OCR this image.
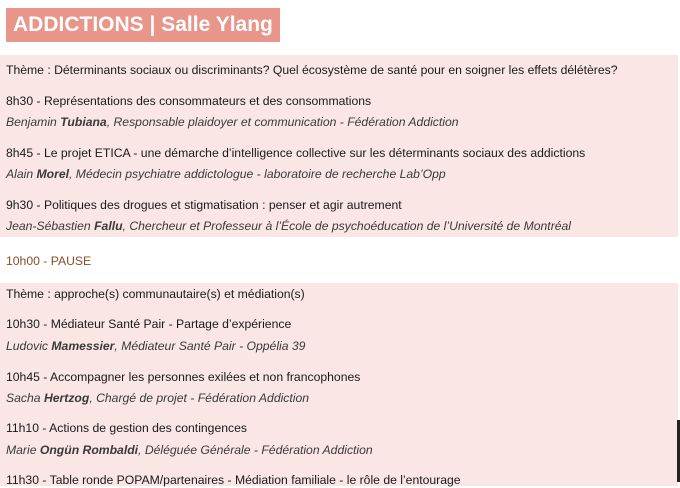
ADDICTIONS | Salle Ylang
Thème : Déterminants sociaux ou discriminants? Quel écosystème de santé pour en soigner les effets délétères?
8h30 - Représentations des consommateurs et des consommations
Benjamin Tubiana, Responsable plaidoyer et communication - Fédération Addiction
8h45 - Le projet ETICA - une démarche d’intelligence collective sur les déterminants sociaux des addictions
Alain Morel, Médecin psychiatre addictologue - laboratoire de recherche Lab’Opp
9h30 - Politiques des drogues et stigmatisation : penser et agir autrement
Jean-Sébastien Fallu, Chercheur et Professeur à l’École de psychoéducation de l’Université de Montréal
10h00 - PAUSE
Thème : approche(s) communautaire(s) et médiation(s)
10h30 - Médiateur Santé Pair - Partage d’expérience
Ludovic Mamessier, Médiateur Santé Pair - Oppélia 39
10h45 - Accompagner les personnes exilées et non francophones
Sacha Hertzog, Chargé de projet - Fédération Addiction
11h10 - Actions de gestion des contingences
Marie Ongün Rombaldi, Déléguée Générale - Fédération Addiction
11h30 - Table ronde POPAM/partenaires - Médiation familiale - le rôle de l’entourage
